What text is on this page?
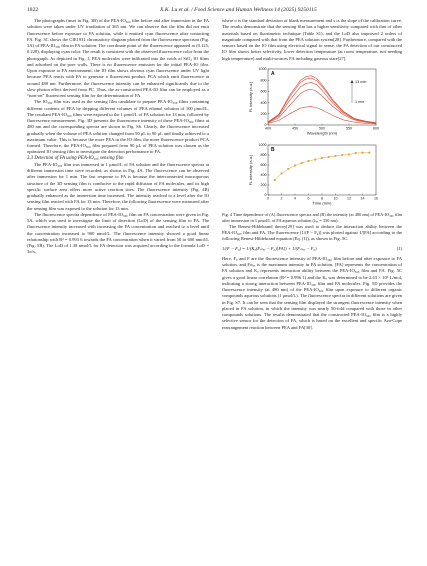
1822	X.K. Lu et al. / Food Science and Human Wellness 14 (2025) 9250115

The photographs (inset in Fig. 3B) of the PEA-IO₃₀₀ film before and after immersion in the FA solution were taken under UV irradiation of 365 nm. We can observe that the film did not emit fluorescence before exposure to FA solution, while it emitted cyan fluorescence after contacting FA. Fig. 3C shows the CIE1931 chromaticity diagram plotted from the fluorescence spectrum (Fig. 3A) of PEA-IO₃₀₀ film in FA solution. The coordinate point of the fluorescence appeared at (0.125, 0.228), displaying cyan color. The result is consistent with the observed fluorescence color from the photograph. As depicted in Fig. 1, PEA molecules were infiltrated into the voids of SiO₂ IO films and adsorbed on the pore walls. There is no fluorescence emission for the initial PEA-IO film. Upon exposure to FA environment, the IO film shows obvious cyan fluorescence under UV light because PEA reacts with FA to generate a fluorescent product PCA which emit fluorescence at around 480 nm. Furthermore, the fluorescence intensity can be enhanced significantly due to the slow photon effect derived from PC. Thus, the as-constructed PEA-IO film can be employed as a “turn-on” fluorescent sensing film for the determination of FA.

The IO₃₀₀ film was used as the sensing film candidate to prepare PEA-IO₃₀₀ films containing different contents of PEA by dripping different volumes of PEA ethanol solution of 100 μmol/L. The resultant PEA-IO₃₀₀ films were exposed to the 1 μmol/L of FA solution for 13 min, followed by fluorescence measurement. Fig. 3D presents the fluorescence intensity of these PEA-IO₃₀₀ films at 480 nm and the corresponding spectra are shown in Fig. S6. Clearly, the fluorescence increased gradually when the volume of PEA solution changed from 50 μL to 90 μL and finally achieved to a maximum value. This is because the more PEA in the IO film, the more fluorescence product PCA formed. Therefore, the PEA-IO₃₀₀ film prepared from 90 μL of PEA solution was chosen as the optimized IO sensing film to investigate the detection performance to FA.

3.3 Detection of FA using PEA-IO₃₀₀ sensing film

The PEA-IO₃₀₀ film was immersed in 1 μmol/L of FA solution and the fluorescence spectra at different immersion time were recorded, as shown in Fig. 4A. The fluorescence can be observed after immersion for 1 min. The fast response to FA is because the interconnected macroporous structure of the 3D sensing film is conducive to the rapid diffusion of FA molecules, and its high specific surface area offers more active reaction sites. The fluorescence intensity (Fig. 4B) gradually enhanced as the immersion time increased. The intensity reached to a level after the IO sensing film reacted with FA for 13 min. Therefore, the following fluorescence were measured after the sensing film was exposed to the solution for 13 min.

The fluorescence spectra dependence of PEA-IO₃₀₀ film on FA concentration were given in Fig. 5A, which was used to investigate the limit of detection (LoD) of the sensing film to FA. The fluorescence intensity increased with increasing the FA concentration and reached to a level until the concentration increased to 900 nmol/L. The fluorescence intensity showed a good linear relationship with R² = 0.993 6 towards the FA concentration when it varied from 50 to 600 nmol/L (Fig. 5B). The LoD of 1.38 nmol/L for FA detection was acquired according to the formula LoD = 3σ/s,

where σ is the standard deviation of blank measurement and s is the slope of the calibration curve. The results demonstrate that the sensing film has a higher sensitivity compared with that of other materials based on fluorimetric technique (Table S1), and the LoD also improved 2 orders of magnitude compared with that from the PEA solution system[28]. Furthermore, compared with the sensors based on the IO film using electrical signal to sense, the FA detection of our constructed IO film shows better selectivity, lower detection temperature (at room temperature, not needing high temperature) and multi-sources FA including gaseous state[27].

400	450	500	550	600
0
200
400
600
800
1000
Wavelength (nm)
FL intensity (a.u.)
A
13 min
1 min

0	2	4	6	8	10	12	14	16
0
200
400
600
800
1000
Time (min)
FL intensity (a.u.)
B

Fig. 4 Time dependence of (A) fluorescence spectra and (B) the intensity (at 480 nm) of PEA-IO₃₀₀ film after immersion in 1 μmol/L of FA aqueous solution (λₑₓ = 350 nm).

The Benesi-Hildebrand theory[29] was used to deduce the interaction ability between the PEA-IO₃₀₀ film and FA. The fluorescence [1/(F − F₀)] was plotted against 1/[FA] according to the following Benesi-Hildebrand equation (Eq. (1)), as shown in Fig. 5C.

1/(F − F₀) = 1/(Kₐ(Fₘₐₓ − F₀)[FA]) + 1/(Fₘₐₓ − F₀)	(1)

Here, F₀ and F are the fluorescence intensity of PEA-IO₃₀₀ film before and after exposure to FA solution, and Fₘₐₓ is the maximum intensity in FA solution. [FA] represents the concentration of FA solution and Kₐ represents interaction ability between the PEA-IO₃₀₀ film and FA. Fig. 5C gives a good linear correlation (R² = 0.996 1) and the Kₐ was determined to be 2.43 × 10⁶ L/mol, indicating a strong interaction between PEA-IO₃₀₀ film and FA molecules. Fig. 5D provides the fluorescence intensity (at 480 nm) of the PEA-IO₃₀₀ film upon exposure to different organic compounds aqueous solutions (1 μmol/L). The fluorescence spectra in different solutions are given in Fig. S7. It can be seen that the sensing film displayed the strongest fluorescence intensity when placed in FA solution, in which the intensity was nearly 50-fold compared with those in other compounds solutions. The results demonstrated that the constructed PEA-IO₃₀₀ film is a highly selective sensor for the detection of FA, which is based on the excellent and specific Aza-Cope rearrangement reaction between PEA and FA[30].
